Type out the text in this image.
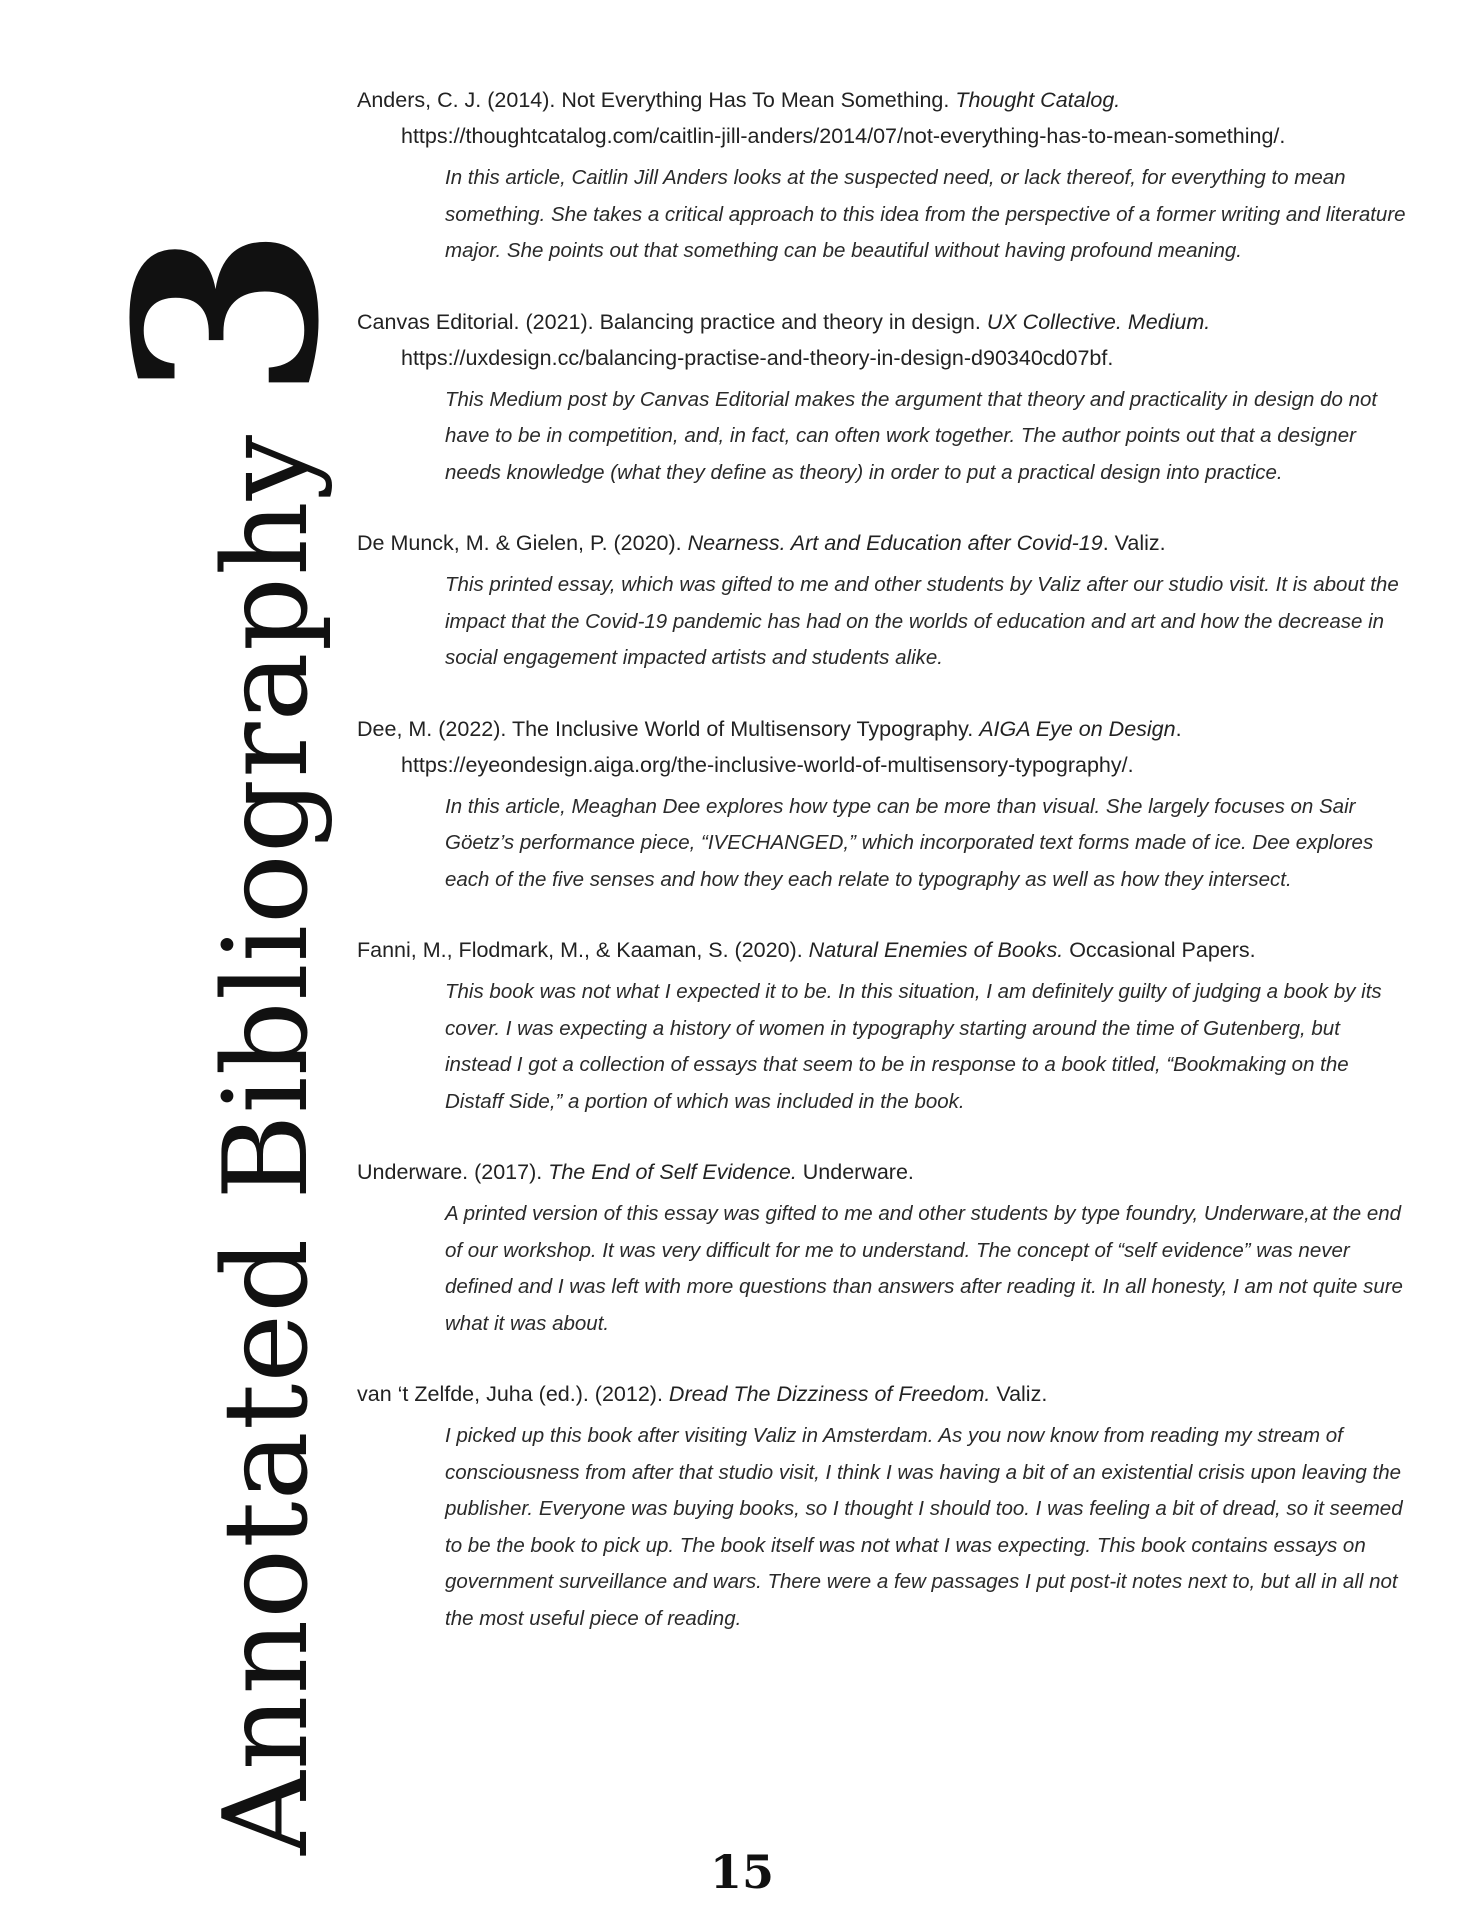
Annotated Bibliography
3
Anders, C. J. (2014). Not Everything Has To Mean Something. Thought Catalog. https://thoughtcatalog.com/caitlin-jill-anders/2014/07/not-everything-has-to-mean-something/.
In this article, Caitlin Jill Anders looks at the suspected need, or lack thereof, for everything to mean something. She takes a critical approach to this idea from the perspective of a former writing and literature major. She points out that something can be beautiful without having profound meaning.
Canvas Editorial. (2021). Balancing practice and theory in design. UX Collective. Medium. https://uxdesign.cc/balancing-practise-and-theory-in-design-d90340cd07bf.
This Medium post by Canvas Editorial makes the argument that theory and practicality in design do not have to be in competition, and, in fact, can often work together. The author points out that a designer needs knowledge (what they define as theory) in order to put a practical design into practice.
De Munck, M. & Gielen, P. (2020). Nearness. Art and Education after Covid-19. Valiz.
This printed essay, which was gifted to me and other students by Valiz after our studio visit. It is about the impact that the Covid-19 pandemic has had on the worlds of education and art and how the decrease in social engagement impacted artists and students alike.
Dee, M. (2022). The Inclusive World of Multisensory Typography. AIGA Eye on Design. https://eyeondesign.aiga.org/the-inclusive-world-of-multisensory-typography/.
In this article, Meaghan Dee explores how type can be more than visual. She largely focuses on Sair Göetz’s performance piece, “IVECHANGED,” which incorporated text forms made of ice. Dee explores each of the five senses and how they each relate to typography as well as how they intersect.
Fanni, M., Flodmark, M., & Kaaman, S. (2020). Natural Enemies of Books. Occasional Papers.
This book was not what I expected it to be. In this situation, I am definitely guilty of judging a book by its cover. I was expecting a history of women in typography starting around the time of Gutenberg, but instead I got a collection of essays that seem to be in response to a book titled, “Bookmaking on the Distaff Side,” a portion of which was included in the book.
Underware. (2017). The End of Self Evidence. Underware.
A printed version of this essay was gifted to me and other students by type foundry, Underware,at the end of our workshop. It was very difficult for me to understand. The concept of “self evidence” was never defined and I was left with more questions than answers after reading it. In all honesty, I am not quite sure what it was about.
van ‘t Zelfde, Juha (ed.). (2012). Dread The Dizziness of Freedom. Valiz.
I picked up this book after visiting Valiz in Amsterdam. As you now know from reading my stream of consciousness from after that studio visit, I think I was having a bit of an existential crisis upon leaving the publisher. Everyone was buying books, so I thought I should too. I was feeling a bit of dread, so it seemed to be the book to pick up. The book itself was not what I was expecting. This book contains essays on government surveillance and wars. There were a few passages I put post-it notes next to, but all in all not the most useful piece of reading.
15
